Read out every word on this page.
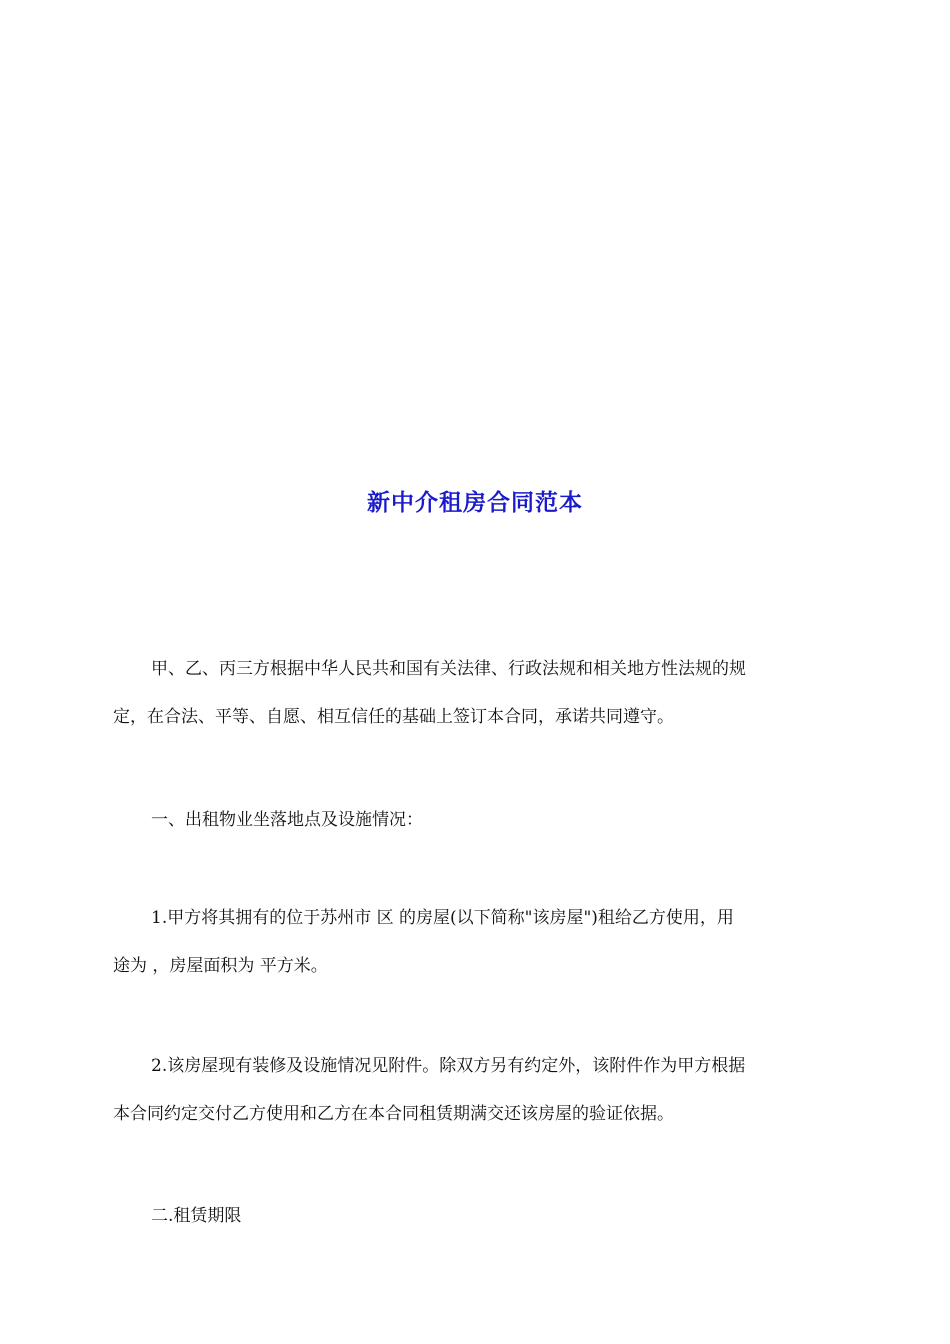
新中介租房合同范本
甲、乙、丙三方根据中华人民共和国有关法律、行政法规和相关地方性法规的规
定，在合法、平等、自愿、相互信任的基础上签订本合同，承诺共同遵守。
一、出租物业坐落地点及设施情况：
1.甲方将其拥有的位于苏州市 区 的房屋(以下简称"该房屋")租给乙方使用，用
途为 ，房屋面积为 平方米。
2.该房屋现有装修及设施情况见附件。除双方另有约定外，该附件作为甲方根据
本合同约定交付乙方使用和乙方在本合同租赁期满交还该房屋的验证依据。
二.租赁期限
